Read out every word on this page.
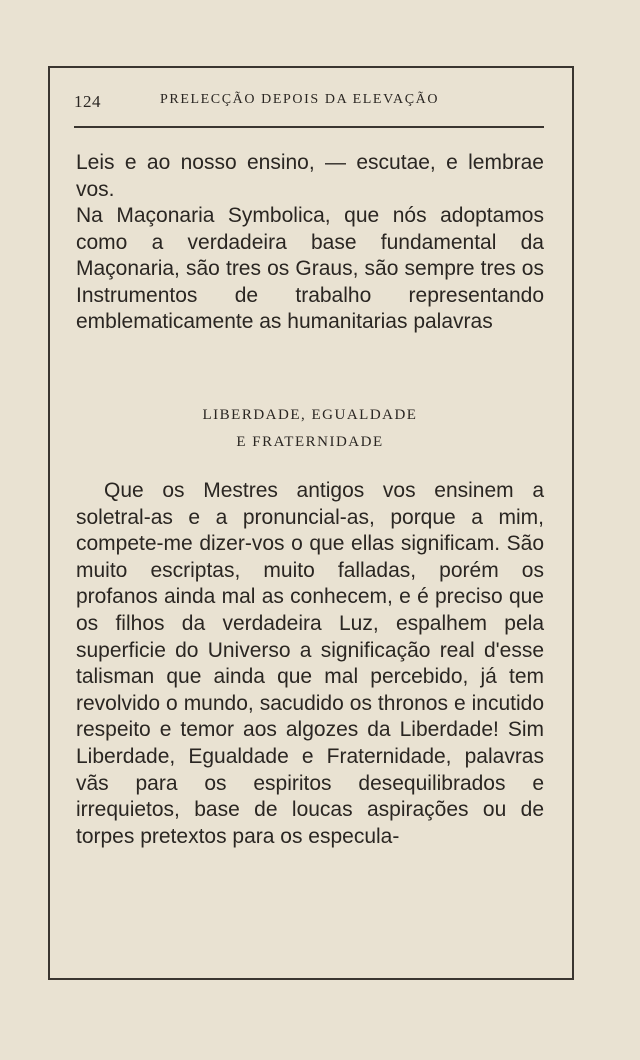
124	PRELECÇÃO DEPOIS DA ELEVAÇÃO

Leis e ao nosso ensino, — escutae, e lembrae vos.

Na Maçonaria Symbolica, que nós adoptamos como a verdadeira base fundamental da Maçonaria, são tres os Graus, são sempre tres os Instrumentos de trabalho representando emblematicamente as humanitarias palavras

LIBERDADE, EGUALDADE

E FRATERNIDADE

Que os Mestres antigos vos ensinem a soletral-as e a pronuncial-as, porque a mim, compete-me dizer-vos o que ellas significam. São muito escriptas, muito falladas, porém os profanos ainda mal as conhecem, e é preciso que os filhos da verdadeira Luz, espalhem pela superficie do Universo a significação real d'esse talisman que ainda que mal percebido, já tem revolvido o mundo, sacudido os thronos e incutido respeito e temor aos algozes da Liberdade! Sim Liberdade, Egualdade e Fraternidade, palavras vãs para os espiritos desequilibrados e irrequietos, base de loucas aspirações ou de torpes pretextos para os especula-
